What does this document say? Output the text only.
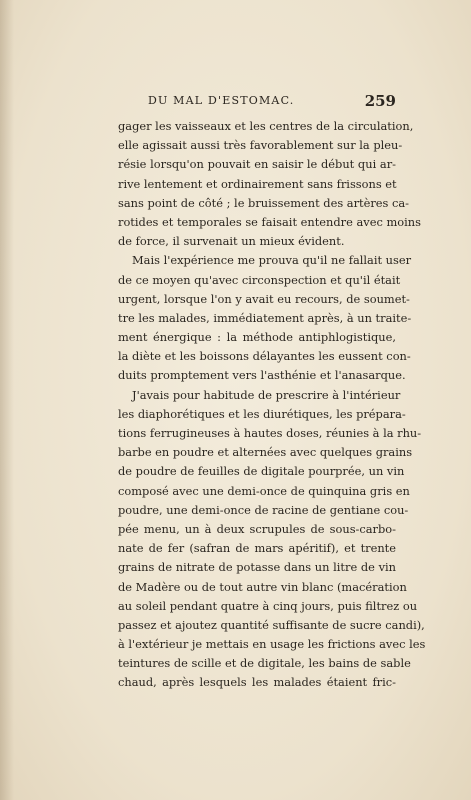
DU MAL D'ESTOMAC.	259
gager les vaisseaux et les centres de la circulation,
elle agissait aussi très favorablement sur la pleu-
résie lorsqu'on pouvait en saisir le début qui ar-
rive lentement et ordinairement sans frissons et
sans point de côté ; le bruissement des artères ca-
rotides et temporales se faisait entendre avec moins
de force, il survenait un mieux évident.
Mais l'expérience me prouva qu'il ne fallait user
de ce moyen qu'avec circonspection et qu'il était
urgent, lorsque l'on y avait eu recours, de soumet-
tre les malades, immédiatement après, à un traite-
ment énergique : la méthode antiphlogistique,
la diète et les boissons délayantes les eussent con-
duits promptement vers l'asthénie et l'anasarque.
J'avais pour habitude de prescrire à l'intérieur
les diaphorétiques et les diurétiques, les prépara-
tions ferrugineuses à hautes doses, réunies à la rhu-
barbe en poudre et alternées avec quelques grains
de poudre de feuilles de digitale pourprée, un vin
composé avec une demi-once de quinquina gris en
poudre, une demi-once de racine de gentiane cou-
pée menu, un à deux scrupules de sous-carbo-
nate de fer (safran de mars apéritif), et trente
grains de nitrate de potasse dans un litre de vin
de Madère ou de tout autre vin blanc (macération
au soleil pendant quatre à cinq jours, puis filtrez ou
passez et ajoutez quantité suffisante de sucre candi),
à l'extérieur je mettais en usage les frictions avec les
teintures de scille et de digitale, les bains de sable
chaud, après lesquels les malades étaient fric-
